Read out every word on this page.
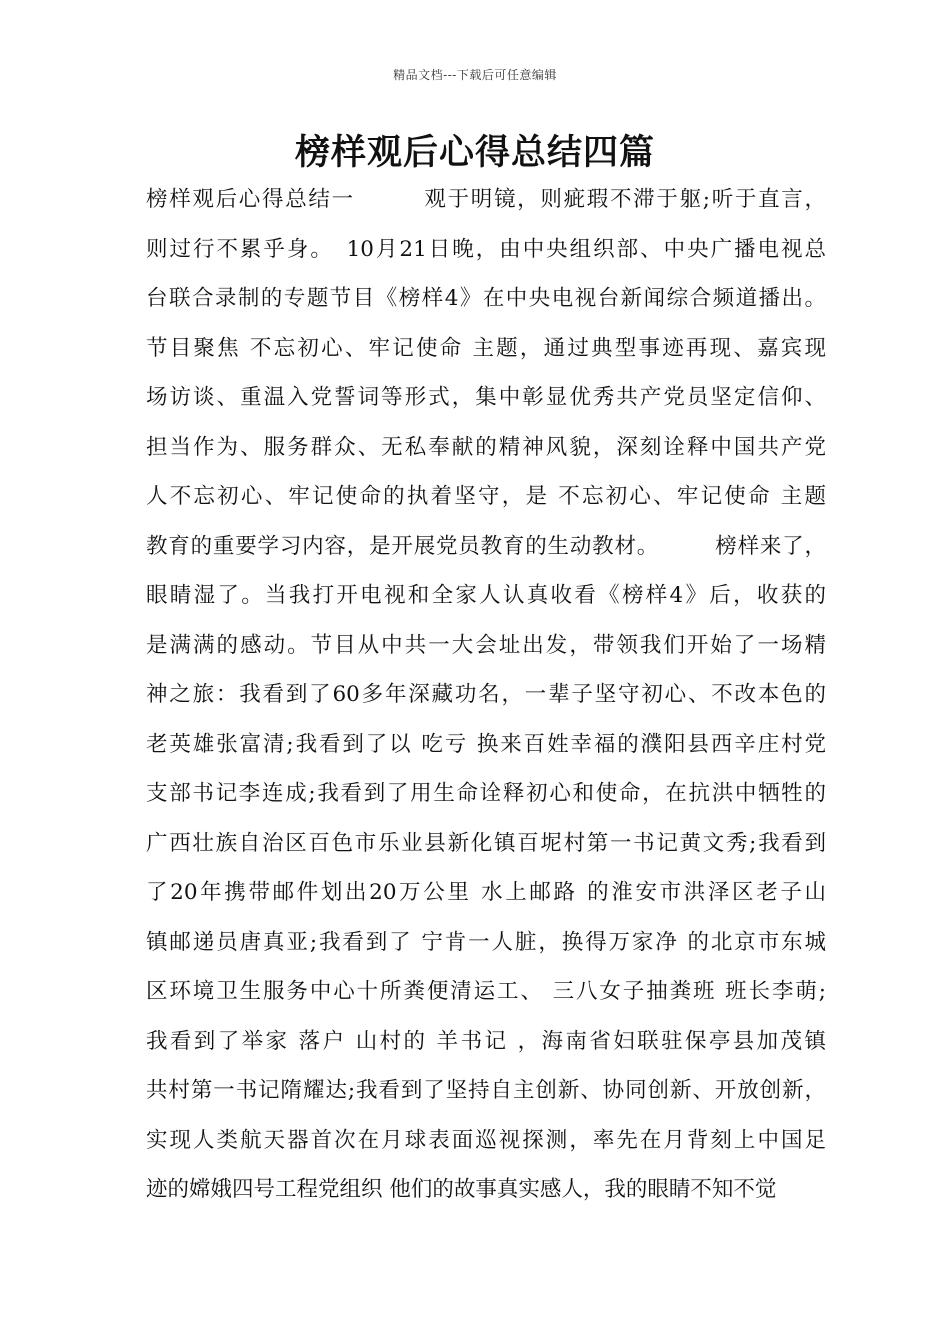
精品文档---下载后可任意编辑
榜样观后心得总结四篇
榜样观后心得总结一　　　观于明镜，则疵瑕不滞于躯;听于直言，
则过行不累乎身。　10月21日晚，由中央组织部、中央广播电视总
台联合录制的专题节目《榜样4》在中央电视台新闻综合频道播出。
节目聚焦 不忘初心、牢记使命 主题，通过典型事迹再现、嘉宾现
场访谈、重温入党誓词等形式，集中彰显优秀共产党员坚定信仰、
担当作为、服务群众、无私奉献的精神风貌，深刻诠释中国共产党
人不忘初心、牢记使命的执着坚守，是 不忘初心、牢记使命 主题
教育的重要学习内容，是开展党员教育的生动教材。　　　榜样来了，
眼睛湿了。当我打开电视和全家人认真收看《榜样4》后，收获的
是满满的感动。节目从中共一大会址出发，带领我们开始了一场精
神之旅：我看到了60多年深藏功名，一辈子坚守初心、不改本色的
老英雄张富清;我看到了以 吃亏 换来百姓幸福的濮阳县西辛庄村党
支部书记李连成;我看到了用生命诠释初心和使命，在抗洪中牺牲的
广西壮族自治区百色市乐业县新化镇百坭村第一书记黄文秀;我看到
了20年携带邮件划出20万公里 水上邮路 的淮安市洪泽区老子山
镇邮递员唐真亚;我看到了 宁肯一人脏，换得万家净 的北京市东城
区环境卫生服务中心十所粪便清运工、 三八女子抽粪班 班长李萌;
我看到了举家 落户 山村的 羊书记 ，海南省妇联驻保亭县加茂镇
共村第一书记隋耀达;我看到了坚持自主创新、协同创新、开放创新，
实现人类航天器首次在月球表面巡视探测，率先在月背刻上中国足
迹的嫦娥四号工程党组织 他们的故事真实感人，我的眼睛不知不觉
